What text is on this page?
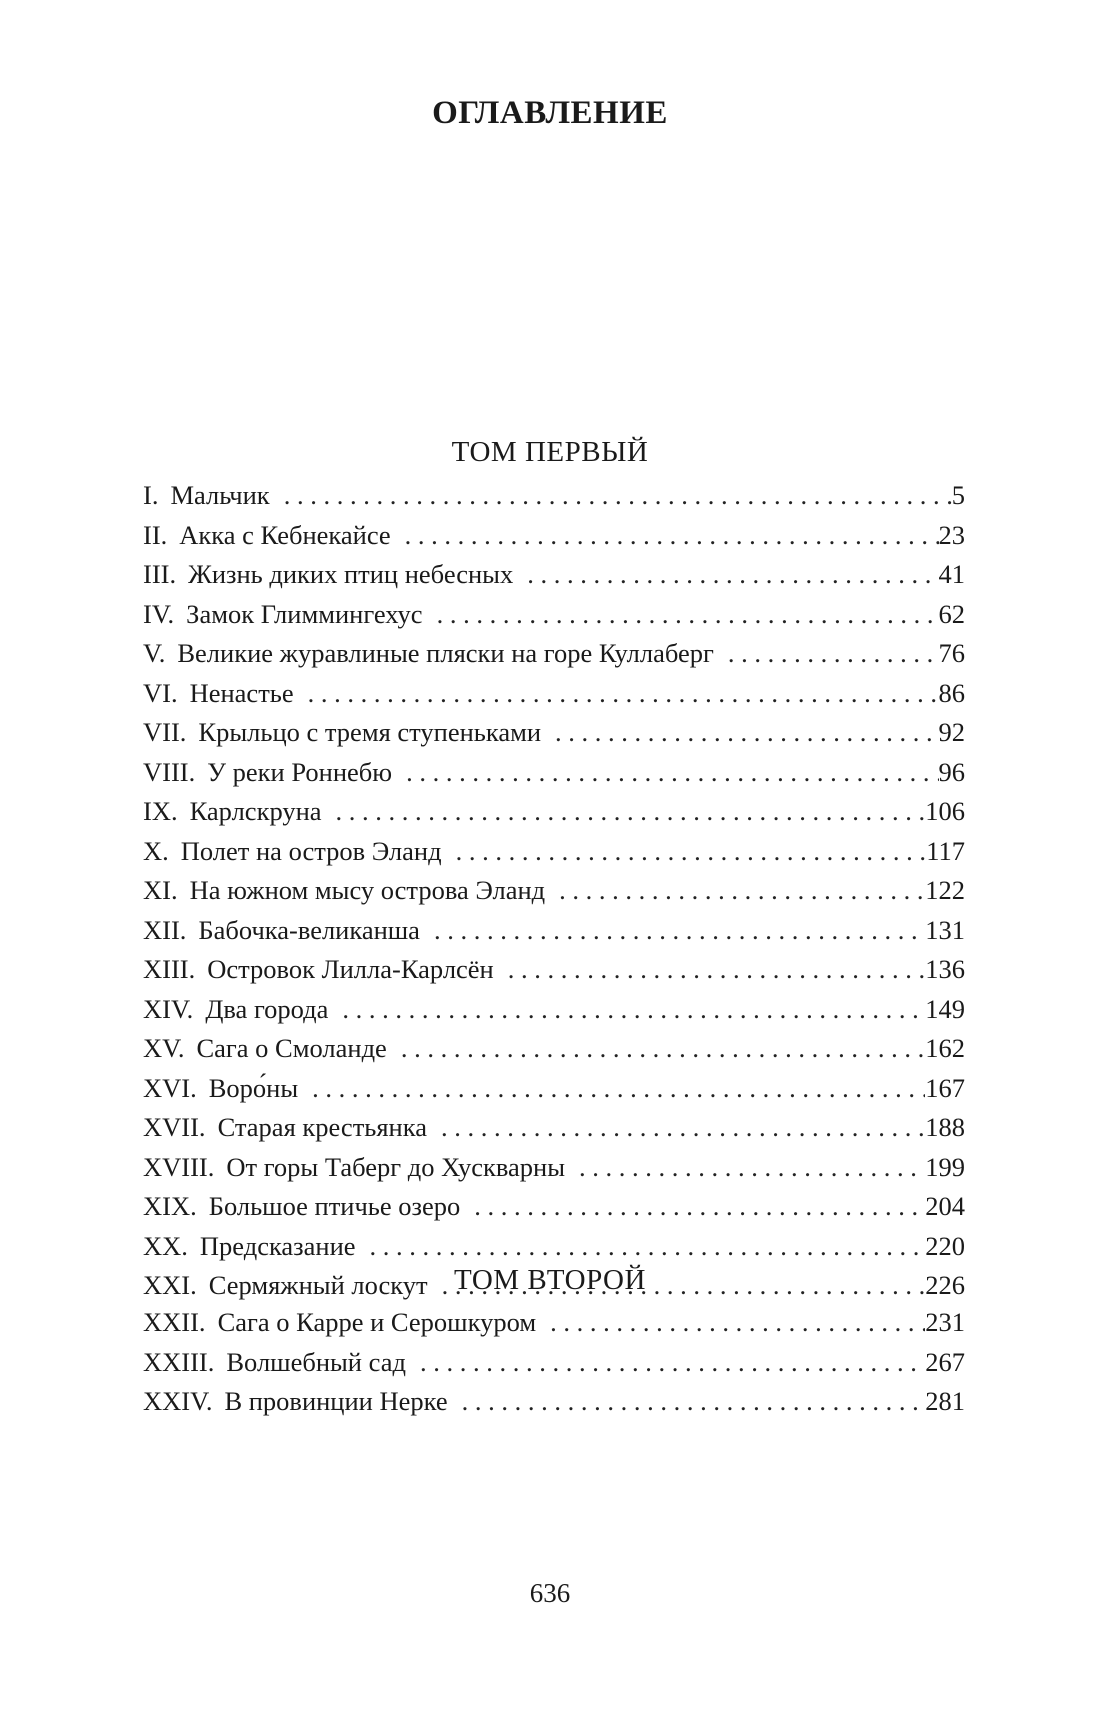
ОГЛАВЛЕНИЕ
ТОМ ПЕРВЫЙ
I. Мальчик . . .	5
II. Акка с Кебнекайсе . . .	23
III. Жизнь диких птиц небесных . . .	41
IV. Замок Глиммингехус . . .	62
V. Великие журавлиные пляски на горе Куллаберг . . .	76
VI. Ненастье . . .	86
VII. Крыльцо с тремя ступеньками . . .	92
VIII. У реки Роннебю . . .	96
IX. Карлскруна . . .	106
X. Полет на остров Эланд . . .	117
XI. На южном мысу острова Эланд . . .	122
XII. Бабочка-великанша . . .	131
XIII. Островок Лилла-Карлсён . . .	136
XIV. Два города . . .	149
XV. Сага о Смоланде . . .	162
XVI. Воро́ны . . .	167
XVII. Старая крестьянка . . .	188
XVIII. От горы Таберг до Хускварны . . .	199
XIX. Большое птичье озеро . . .	204
XX. Предсказание . . .	220
XXI. Сермяжный лоскут . . .	226
ТОМ ВТОРОЙ
XXII. Сага о Карре и Серошкуром . . .	231
XXIII. Волшебный сад . . .	267
XXIV. В провинции Нерке . . .	281

636
